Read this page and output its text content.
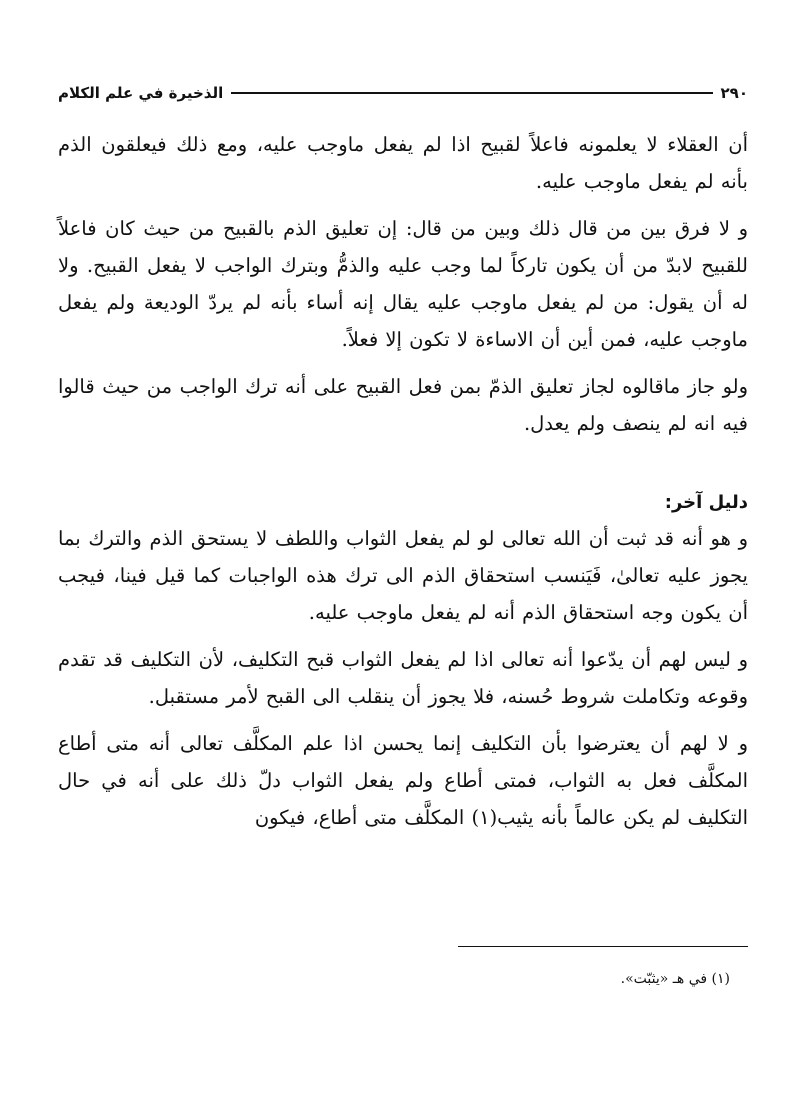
٢٩٠
الذخيرة في علم الكلام

أن العقلاء لا يعلمونه فاعلاً لقبيح اذا لم يفعل ماوجب عليه، ومع ذلك فيعلقون الذم بأنه لم يفعل ماوجب عليه.

و لا فرق بين من قال ذلك وبين من قال: إن تعليق الذم بالقبيح من حيث كان فاعلاً للقبيح لابدّ من أن يكون تاركاً لما وجب عليه والذمُّ وبترك الواجب لا يفعل القبيح. ولا له أن يقول: من لم يفعل ماوجب عليه يقال إنه أساء بأنه لم يردّ الوديعة ولم يفعل ماوجب عليه، فمن أين أن الاساءة لا تكون إلا فعلاً.

ولو جاز ماقالوه لجاز تعليق الذمّ بمن فعل القبيح على أنه ترك الواجب من حيث قالوا فيه انه لم ينصف ولم يعدل.

دليل آخر:

و هو أنه قد ثبت أن الله تعالى لو لم يفعل الثواب واللطف لا يستحق الذم والترك بما يجوز عليه تعالىٰ، فَيَنسب استحقاق الذم الى ترك هذه الواجبات كما قيل فينا، فيجب أن يكون وجه استحقاق الذم أنه لم يفعل ماوجب عليه.

و ليس لهم أن يدّعوا أنه تعالى اذا لم يفعل الثواب قبح التكليف، لأن التكليف قد تقدم وقوعه وتكاملت شروط حُسنه، فلا يجوز أن ينقلب الى القبح لأمر مستقبل.

و لا لهم أن يعترضوا بأن التكليف إنما يحسن اذا علم المكلَّف تعالى أنه متى أطاع المكلَّف فعل به الثواب، فمتى أطاع ولم يفعل الثواب دلّ ذلك على أنه في حال التكليف لم يكن عالماً بأنه يثيب(١) المكلَّف متى أطاع، فيكون

(١) في هـ «يثبّت».
